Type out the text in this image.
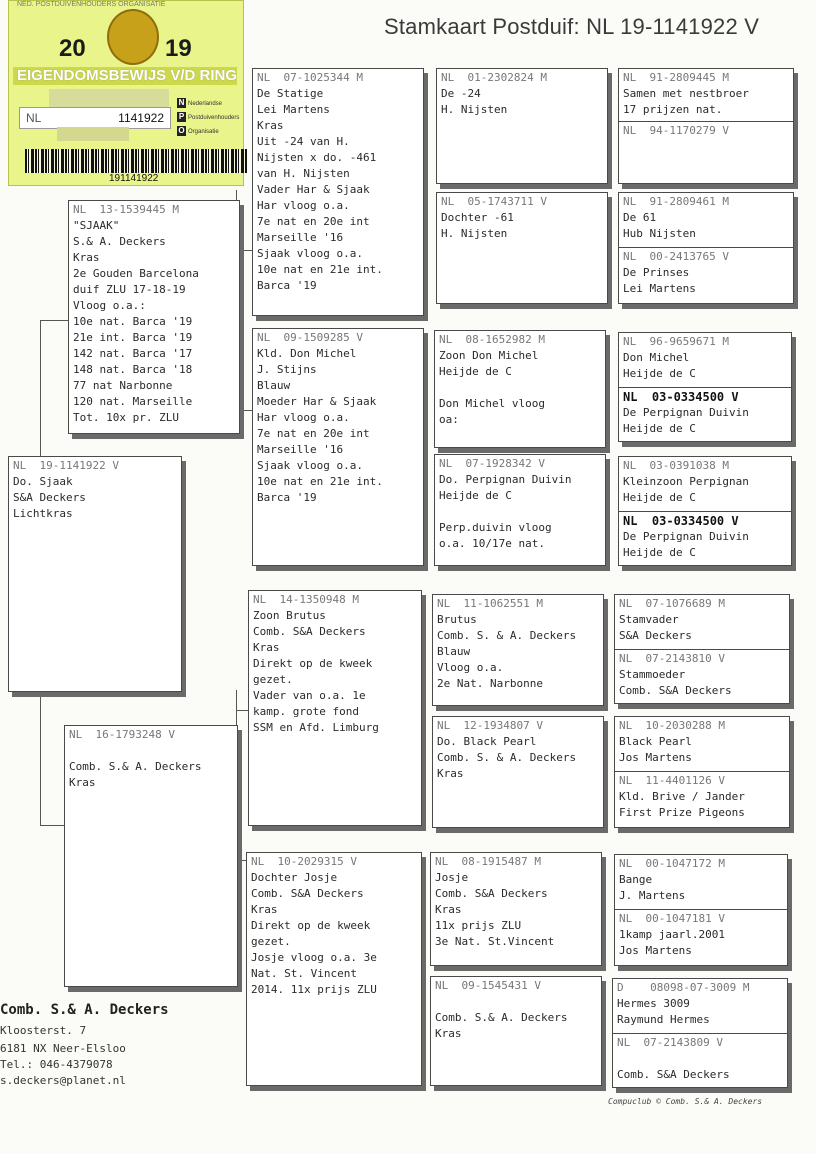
Stamkaart Postduif: NL 19-1141922 V
NED. POSTDUIVENHOUDERS ORGANISATIE
20	19
EIGENDOMSBEWIJS V/D RING
NL	1141922
N Nederlandse
P Postduivenhouders
O Organisatie
191141922
NL  19-1141922 V
Do. Sjaak
S&A Deckers
Lichtkras
NL  13-1539445 M
"SJAAK"
S.& A. Deckers
Kras
2e Gouden Barcelona
duif ZLU 17-18-19
Vloog o.a.:
10e nat. Barca '19
21e int. Barca '19
142 nat. Barca '17
148 nat. Barca '18
77 nat Narbonne
120 nat. Marseille
Tot. 10x pr. ZLU
NL  16-1793248 V
Comb. S.& A. Deckers
Kras
NL  07-1025344 M
De Statige
Lei Martens
Kras
Uit -24 van H.
Nijsten x do. -461
van H. Nijsten
Vader Har & Sjaak
Har vloog o.a.
7e nat en 20e int
Marseille '16
Sjaak vloog o.a.
10e nat en 21e int.
Barca '19
NL  09-1509285 V
Kld. Don Michel
J. Stijns
Blauw
Moeder Har & Sjaak
Har vloog o.a.
7e nat en 20e int
Marseille '16
Sjaak vloog o.a.
10e nat en 21e int.
Barca '19
NL  14-1350948 M
Zoon Brutus
Comb. S&A Deckers
Kras
Direkt op de kweek
gezet.
Vader van o.a. 1e
kamp. grote fond
SSM en Afd. Limburg
NL  10-2029315 V
Dochter Josje
Comb. S&A Deckers
Kras
Direkt op de kweek
gezet.
Josje vloog o.a. 3e
Nat. St. Vincent
2014. 11x prijs ZLU
NL  01-2302824 M
De -24
H. Nijsten
NL  05-1743711 V
Dochter -61
H. Nijsten
NL  08-1652982 M
Zoon Don Michel
Heijde de C
Don Michel vloog
oa:
NL  07-1928342 V
Do. Perpignan Duivin
Heijde de C
Perp.duivin vloog
o.a. 10/17e nat.
NL  11-1062551 M
Brutus
Comb. S. & A. Deckers
Blauw
Vloog o.a.
2e Nat. Narbonne
NL  12-1934807 V
Do. Black Pearl
Comb. S. & A. Deckers
Kras
NL  08-1915487 M
Josje
Comb. S&A Deckers
Kras
11x prijs ZLU
3e Nat. St.Vincent
NL  09-1545431 V
Comb. S.& A. Deckers
Kras
NL  91-2809445 M
Samen met nestbroer
17 prijzen nat.
NL  94-1170279 V
NL  91-2809461 M
De 61
Hub Nijsten
NL  00-2413765 V
De Prinses
Lei Martens
NL  96-9659671 M
Don Michel
Heijde de C
NL  03-0334500 V
De Perpignan Duivin
Heijde de C
NL  03-0391038 M
Kleinzoon Perpignan
Heijde de C
NL  03-0334500 V
De Perpignan Duivin
Heijde de C
NL  07-1076689 M
Stamvader
S&A Deckers
NL  07-2143810 V
Stammoeder
Comb. S&A Deckers
NL  10-2030288 M
Black Pearl
Jos Martens
NL  11-4401126 V
Kld. Brive / Jander
First Prize Pigeons
NL  00-1047172 M
Bange
J. Martens
NL  00-1047181 V
1kamp jaarl.2001
Jos Martens
D    08098-07-3009 M
Hermes 3009
Raymund Hermes
NL  07-2143809 V
Comb. S&A Deckers
Comb. S.& A. Deckers
Kloosterst. 7
6181 NX Neer-Elsloo
Tel.: 046-4379078
s.deckers@planet.nl
Compuclub © Comb. S.& A. Deckers
